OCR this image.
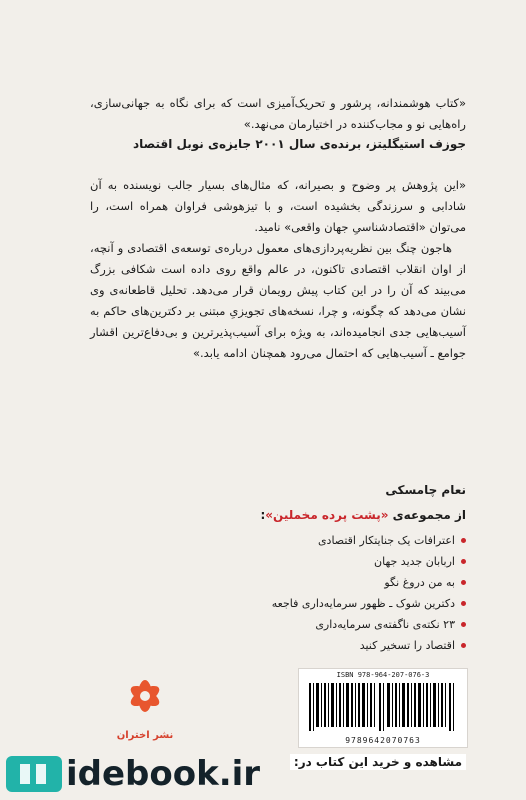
«کتاب هوشمندانه، پرشور و تحریک‌آمیزی است که برای نگاه به جهانی‌سازی، راه‌هایی نو و مجاب‌کننده در اختیارمان می‌نهد.»
جوزف استیگلیتز، برنده‌ی سال ۲۰۰۱ جایزه‌ی نوبل اقتصاد

«این پژوهش پر وضوح و بصیرانه، که مثال‌های بسیار جالب نویسنده به آن شادابی و سرزندگی بخشیده است، و با تیزهوشی فراوان همراه است، را می‌توان «اقتصادشناسیِ جهان واقعی» نامید.

هاجون چنگ بین نظریه‌پردازی‌های معمول درباره‌ی توسعه‌ی اقتصادی و آنچه، از اوان انقلاب اقتصادی تاکنون، در عالم واقع روی داده است شکافی بزرگ می‌بیند که آن را در این کتاب پیش رویمان قرار می‌دهد. تحلیل قاطعانه‌ی وی نشان می‌دهد که چگونه، و چرا، نسخه‌های تجویزیِ مبتنی بر دکترین‌های حاکم به آسیب‌هایی جدی انجامیده‌اند، به ویژه برای آسیب‌پذیرترین و بی‌دفاع‌ترین اقشار جوامع ـ آسیب‌هایی که احتمال می‌رود همچنان ادامه یابد.»

نعام چامسکی
از مجموعه‌ی «پشت پرده مخملین»:
اعترافات یک جنایتکار اقتصادی
اربابان جدید جهان
به من دروغ نگو
دکترین شوک ـ ظهور سرمایه‌داری فاجعه
۲۳ نکته‌ی ناگفته‌ی سرمایه‌داری
اقتصاد را تسخیر کنید
نشر اختران
ISBN 978-964-207-076-3
9789642070763
idebook.ir	مشاهده و خرید این کتاب در:
